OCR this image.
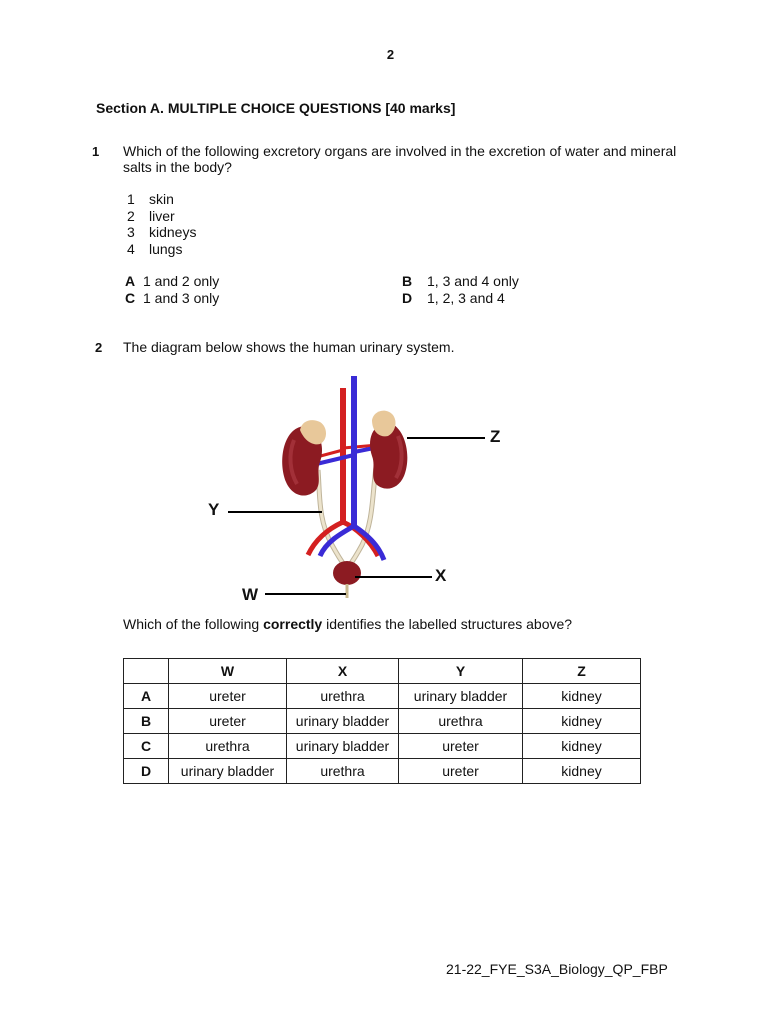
2
Section A. MULTIPLE CHOICE QUESTIONS [40 marks]
1 Which of the following excretory organs are involved in the excretion of water and mineral
salts in the body?
1 skin
2 liver
3 kidneys
4 lungs
A 1 and 2 only
C 1 and 3 only
B 1, 3 and 4 only
D 1, 2, 3 and 4
2 The diagram below shows the human urinary system.
Z
Y
X
W
Which of the following correctly identifies the labelled structures above?
	W	X	Y	Z
A	ureter	urethra	urinary bladder	kidney
B	ureter	urinary bladder	urethra	kidney
C	urethra	urinary bladder	ureter	kidney
D	urinary bladder	urethra	ureter	kidney
21-22_FYE_S3A_Biology_QP_FBP
